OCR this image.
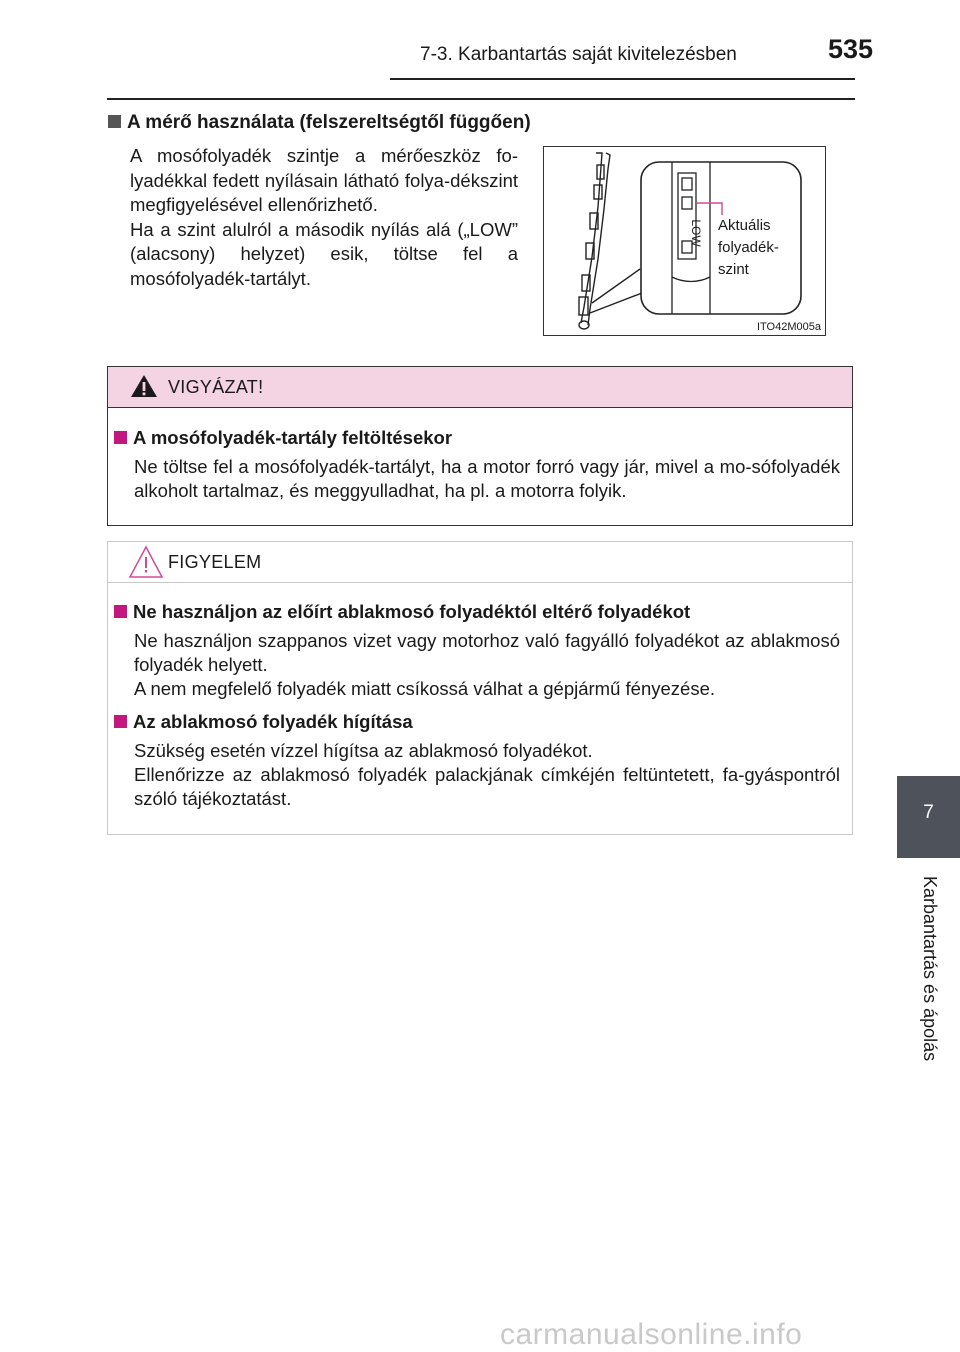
7-3. Karbantartás saját kivitelezésben	535
A mérő használata (felszereltségtől függően)

A mosófolyadék szintje a mérőeszköz fo-lyadékkal fedett nyílásain látható folya-dékszint megfigyelésével ellenőrizhető.

Ha a szint alulról a második nyílás alá („LOW” (alacsony) helyzet) esik, töltse fel a mosófolyadék-tartályt.

LOW Aktuális
folyadék-
szint
ITO42M005a
VIGYÁZAT!
A mosófolyadék-tartály feltöltésekor

Ne töltse fel a mosófolyadék-tartályt, ha a motor forró vagy jár, mivel a mo-sófolyadék alkoholt tartalmaz, és meggyulladhat, ha pl. a motorra folyik.

FIGYELEM
Ne használjon az előírt ablakmosó folyadéktól eltérő folyadékot

Ne használjon szappanos vizet vagy motorhoz való fagyálló folyadékot az ablakmosó folyadék helyett.

A nem megfelelő folyadék miatt csíkossá válhat a gépjármű fényezése.

Az ablakmosó folyadék hígítása

Szükség esetén vízzel hígítsa az ablakmosó folyadékot.

Ellenőrizze az ablakmosó folyadék palackjának címkéjén feltüntetett, fa-gyáspontról szóló tájékoztatást.

7
Karbantartás és ápolás
carmanualsonline.info
